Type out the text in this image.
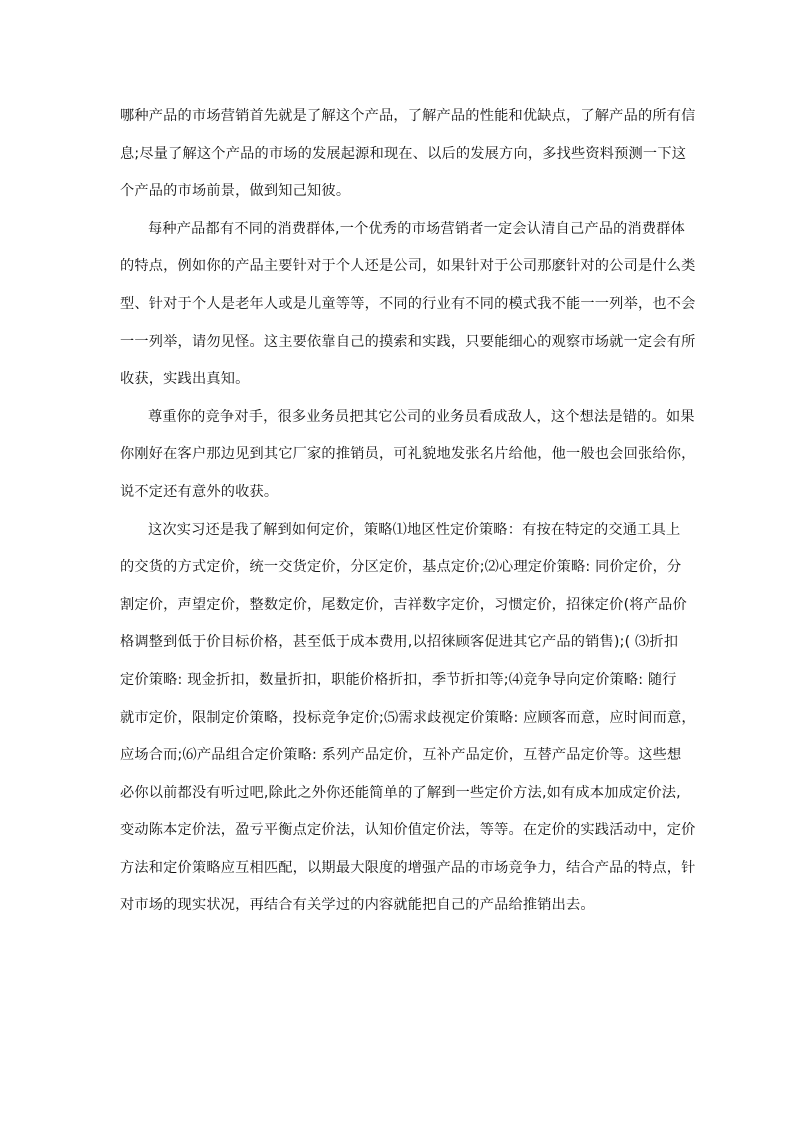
哪种产品的市场营销首先就是了解这个产品，了解产品的性能和优缺点，了解产品的所有信
息;尽量了解这个产品的市场的发展起源和现在、以后的发展方向，多找些资料预测一下这
个产品的市场前景，做到知己知彼。

每种产品都有不同的消费群体,一个优秀的市场营销者一定会认清自己产品的消费群体
的特点，例如你的产品主要针对于个人还是公司，如果针对于公司那麽针对的公司是什么类
型、针对于个人是老年人或是儿童等等，不同的行业有不同的模式我不能一一列举，也不会
一一列举，请勿见怪。这主要依靠自己的摸索和实践，只要能细心的观察市场就一定会有所
收获，实践出真知。

尊重你的竞争对手，很多业务员把其它公司的业务员看成敌人，这个想法是错的。如果
你刚好在客户那边见到其它厂家的推销员，可礼貌地发张名片给他，他一般也会回张给你，
说不定还有意外的收获。

这次实习还是我了解到如何定价，策略⑴地区性定价策略：有按在特定的交通工具上
的交货的方式定价，统一交货定价，分区定价，基点定价;⑵心理定价策略: 同价定价，分
割定价，声望定价，整数定价，尾数定价，吉祥数字定价，习惯定价，招徕定价(将产品价
格调整到低于价目标价格，甚至低于成本费用,以招徕顾客促进其它产品的销售);( ⑶折扣
定价策略: 现金折扣，数量折扣，职能价格折扣，季节折扣等;⑷竞争导向定价策略: 随行
就市定价，限制定价策略，投标竞争定价;⑸需求歧视定价策略: 应顾客而意，应时间而意，
应场合而;⑹产品组合定价策略: 系列产品定价，互补产品定价，互替产品定价等。这些想
必你以前都没有听过吧,除此之外你还能简单的了解到一些定价方法,如有成本加成定价法,
变动陈本定价法，盈亏平衡点定价法，认知价值定价法，等等。在定价的实践活动中，定价
方法和定价策略应互相匹配，以期最大限度的增强产品的市场竞争力，结合产品的特点，针
对市场的现实状况，再结合有关学过的内容就能把自己的产品给推销出去。
